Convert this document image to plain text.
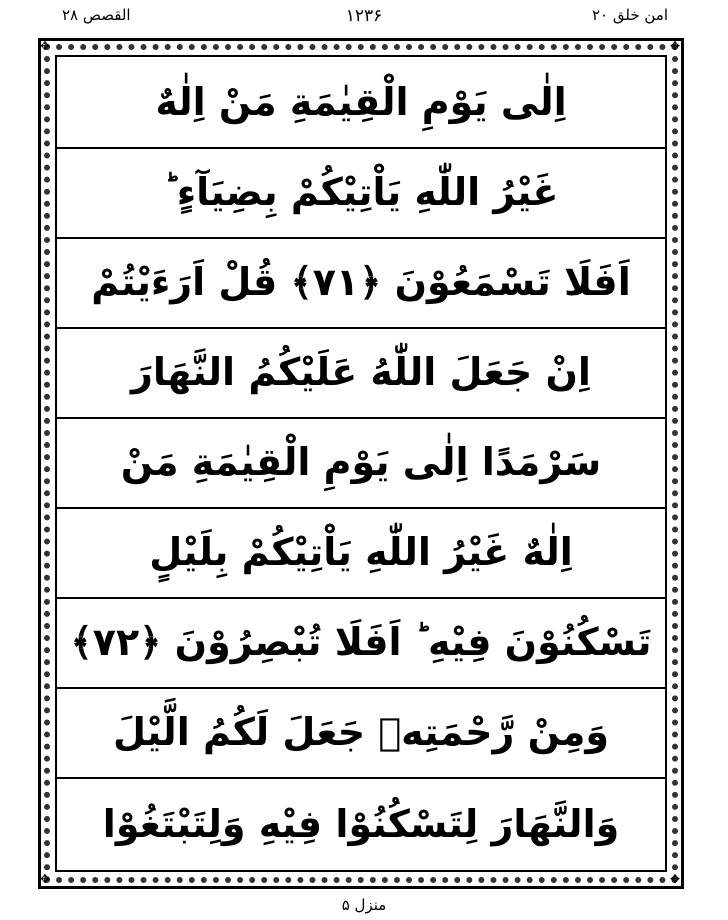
امن خلق ۲۰
۱۲۳۶
القصص ۲۸
✥	✥
✥	✥
اِلٰى يَوْمِ الْقِيٰمَةِ مَنْ اِلٰهٌ
غَيْرُ اللّٰهِ يَاْتِيْكُمْ بِضِيَآءٍ ؕ
اَفَلَا تَسْمَعُوْنَ ﴿۷۱﴾ قُلْ اَرَءَيْتُمْ
اِنْ جَعَلَ اللّٰهُ عَلَيْكُمُ النَّهَارَ
سَرْمَدًا اِلٰى يَوْمِ الْقِيٰمَةِ مَنْ
اِلٰهٌ غَيْرُ اللّٰهِ يَاْتِيْكُمْ بِلَيْلٍ
تَسْكُنُوْنَ فِيْهِ ؕ اَفَلَا تُبْصِرُوْنَ ﴿۷۲﴾
وَمِنْ رَّحْمَتِهٖ جَعَلَ لَكُمُ الَّيْلَ
وَالنَّهَارَ لِتَسْكُنُوْا فِيْهِ وَلِتَبْتَغُوْا
منزل ۵
